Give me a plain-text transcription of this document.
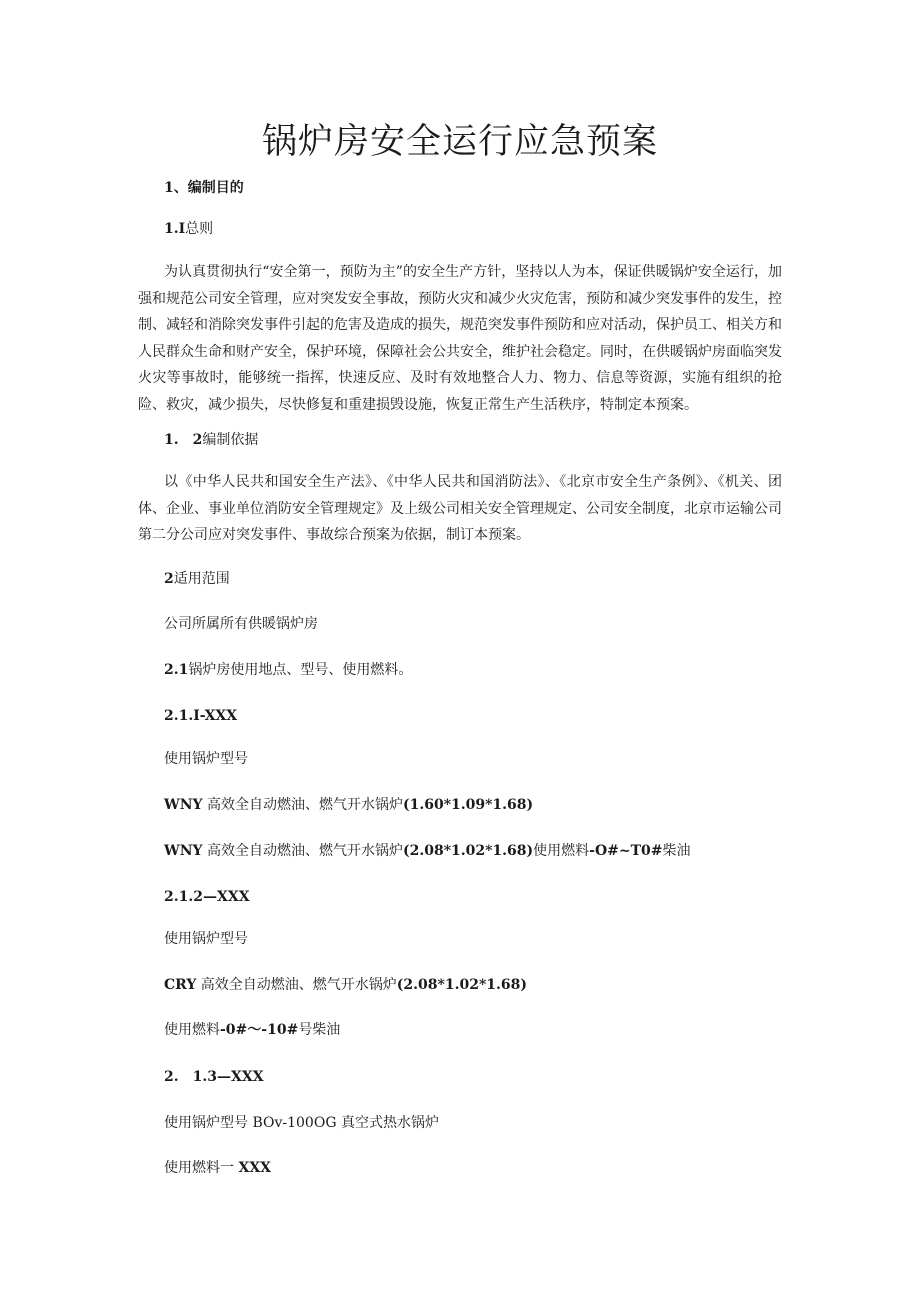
锅炉房安全运行应急预案

1、编制目的

1.I总则

为认真贯彻执行“安全第一，预防为主”的安全生产方针，坚持以人为本，保证供暖锅炉安全运行，加强和规范公司安全管理，应对突发安全事故，预防火灾和减少火灾危害，预防和减少突发事件的发生，控制、减轻和消除突发事件引起的危害及造成的损失，规范突发事件预防和应对活动，保护员工、相关方和人民群众生命和财产安全，保护环境，保障社会公共安全，维护社会稳定。同时，在供暖锅炉房面临突发火灾等事故时，能够统一指挥，快速反应、及时有效地整合人力、物力、信息等资源，实施有组织的抢险、救灾，减少损失，尽快修复和重建损毁设施，恢复正常生产生活秩序，特制定本预案。

1.　2编制依据

以《中华人民共和国安全生产法》、《中华人民共和国消防法》、《北京市安全生产条例》、《机关、团体、企业、事业单位消防安全管理规定》及上级公司相关安全管理规定、公司安全制度，北京市运输公司第二分公司应对突发事件、事故综合预案为依据，制订本预案。

2适用范围

公司所属所有供暖锅炉房

2.1锅炉房使用地点、型号、使用燃料。

2.1.I-XXX

使用锅炉型号

WNY 高效全自动燃油、燃气开水锅炉(1.60*1.09*1.68)

WNY 高效全自动燃油、燃气开水锅炉(2.08*1.02*1.68)使用燃料-O#~T0#柴油

2.1.2—XXX

使用锅炉型号

CRY 高效全自动燃油、燃气开水锅炉(2.08*1.02*1.68)

使用燃料-0#〜-10#号柴油

2.　1.3—XXX

使用锅炉型号 BOv-100OG 真空式热水锅炉

使用燃料一 XXX
